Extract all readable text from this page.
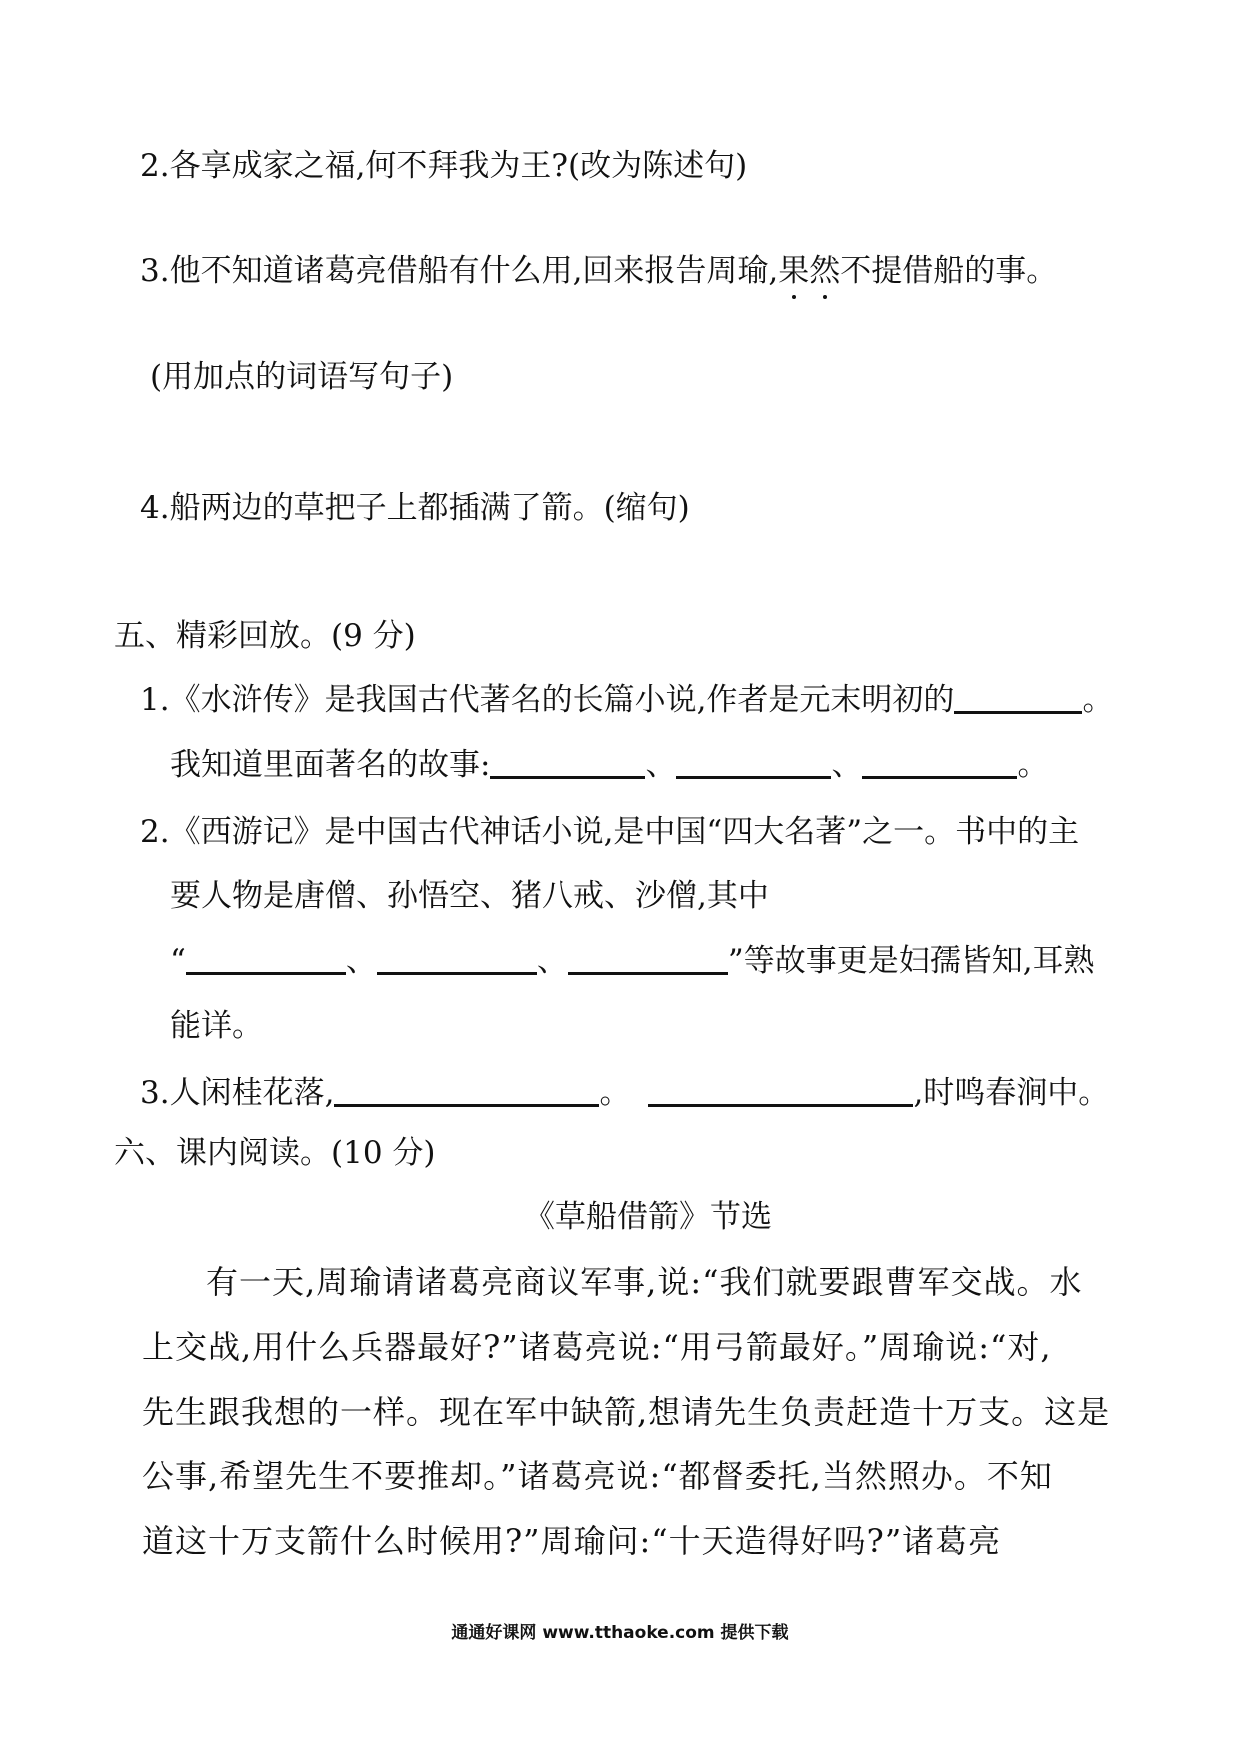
2.各享成家之福,何不拜我为王?(改为陈述句)
3.他不知道诸葛亮借船有什么用,回来报告周瑜,果然不提借船的事。
(用加点的词语写句子)
4.船两边的草把子上都插满了箭。(缩句)
五、精彩回放。(9 分)
1.《水浒传》是我国古代著名的长篇小说,作者是元末明初的	。
我知道里面著名的故事:	、	、	。
2.《西游记》是中国古代神话小说,是中国“四大名著”之一。书中的主
要人物是唐僧、孙悟空、猪八戒、沙僧,其中
“	、	、	”等故事更是妇孺皆知,耳熟
能详。
3.人闲桂花落,	。	,时鸣春涧中。
六、课内阅读。(10 分)
《草船借箭》节选
有一天,周瑜请诸葛亮商议军事,说:“我们就要跟曹军交战。水
上交战,用什么兵器最好?”诸葛亮说:“用弓箭最好。”周瑜说:“对,
先生跟我想的一样。现在军中缺箭,想请先生负责赶造十万支。这是
公事,希望先生不要推却。”诸葛亮说:“都督委托,当然照办。不知
道这十万支箭什么时候用?”周瑜问:“十天造得好吗?”诸葛亮
通通好课网 www.tthaoke.com 提供下载
